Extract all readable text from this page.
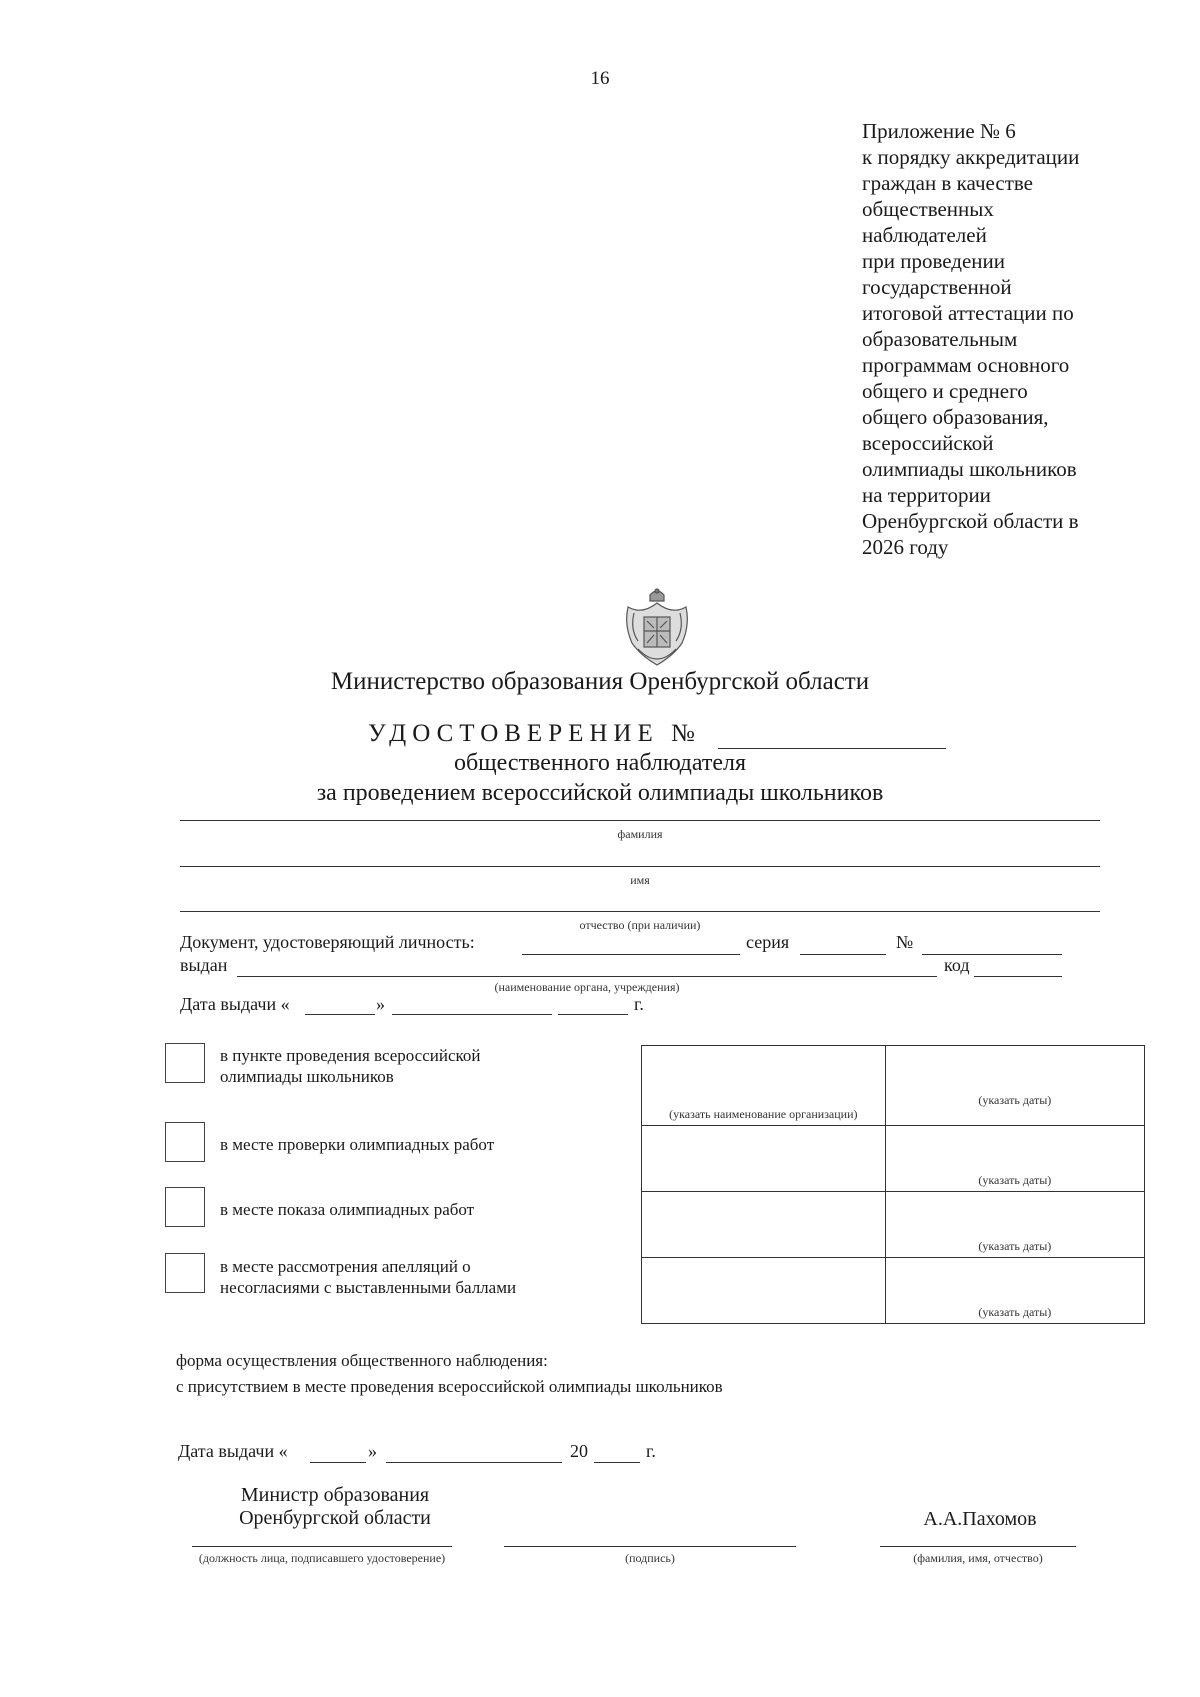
16
Приложение № 6
к порядку аккредитации
граждан в качестве
общественных
наблюдателей
при проведении
государственной
итоговой аттестации по
образовательным
программам основного
общего и среднего
общего образования,
всероссийской
олимпиады школьников
на территории
Оренбургской области в
2026 году
Министерство образования Оренбургской области
УДОСТОВЕРЕНИЕ №
общественного наблюдателя
за проведением всероссийской олимпиады школьников
фамилия
имя
отчество (при наличии)
Документ, удостоверяющий личность:	серия	№
выдан	код
(наименование органа, учреждения)
Дата выдачи «	»	г.
в пункте проведения всероссийской
олимпиады школьников
в месте проверки олимпиадных работ
в месте показа олимпиадных работ
в месте рассмотрения апелляций о
несогласиями с выставленными баллами
(указать наименование организации)	(указать даты)

	(указать даты)

	(указать даты)

	(указать даты)
форма осуществления общественного наблюдения:
с присутствием в месте проведения всероссийской олимпиады школьников
Дата выдачи «	»	20	г.
Министр образования
Оренбургской области	А.А.Пахомов
(должность лица, подписавшего удостоверение)	(подпись)	(фамилия, имя, отчество)
